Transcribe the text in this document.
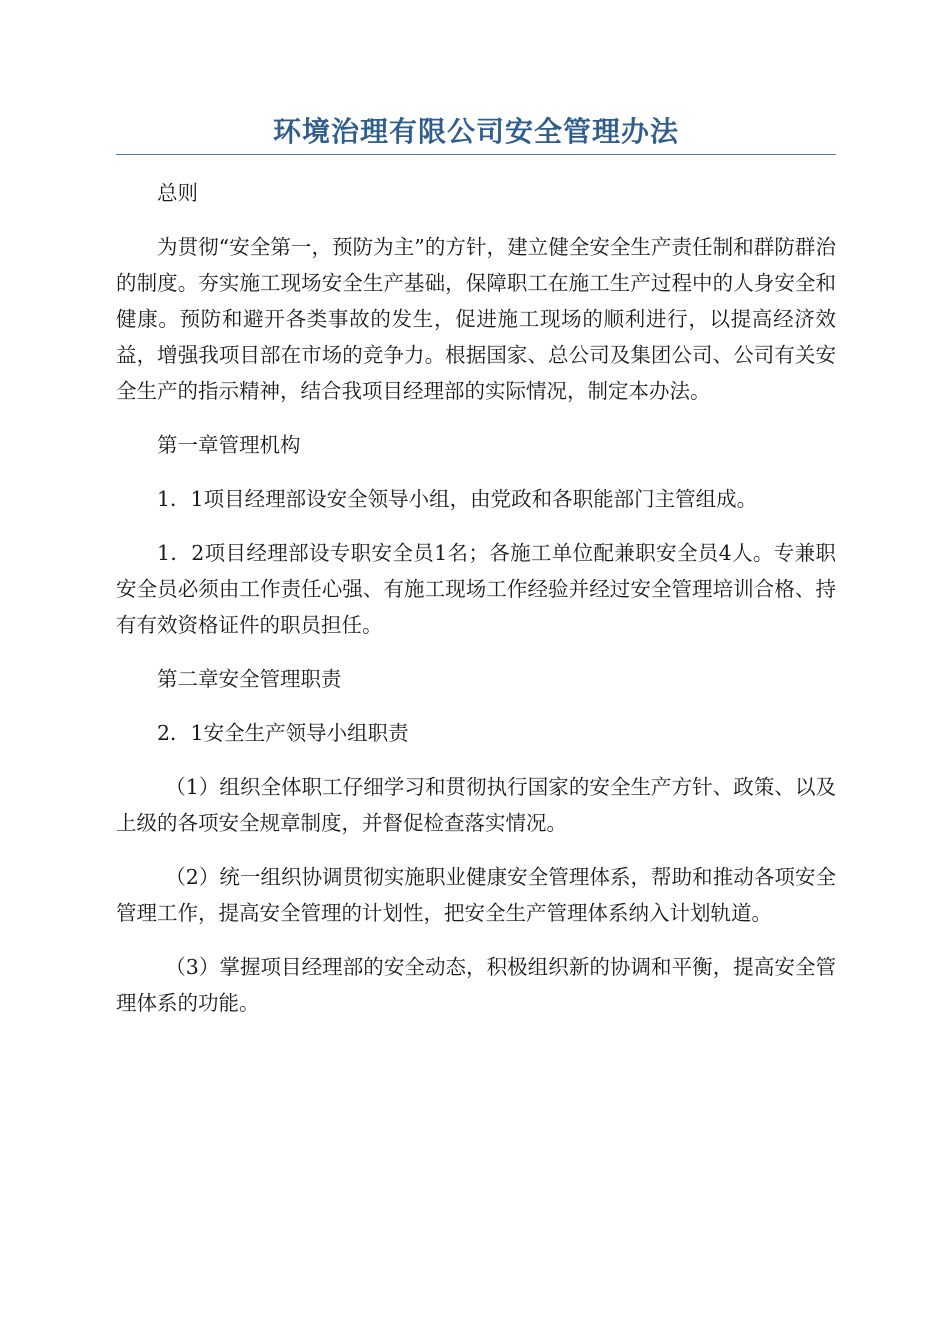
环境治理有限公司安全管理办法

总则

为贯彻“安全第一，预防为主”的方针，建立健全安全生产责任制和群防群治的制度。夯实施工现场安全生产基础，保障职工在施工生产过程中的人身安全和健康。预防和避开各类事故的发生，促进施工现场的顺利进行，以提高经济效益，增强我项目部在市场的竞争力。根据国家、总公司及集团公司、公司有关安全生产的指示精神，结合我项目经理部的实际情况，制定本办法。

第一章管理机构

1．1项目经理部设安全领导小组，由党政和各职能部门主管组成。

1．2项目经理部设专职安全员1名；各施工单位配兼职安全员4人。专兼职安全员必须由工作责任心强、有施工现场工作经验并经过安全管理培训合格、持有有效资格证件的职员担任。

第二章安全管理职责

2．1安全生产领导小组职责

（1）组织全体职工仔细学习和贯彻执行国家的安全生产方针、政策、以及上级的各项安全规章制度，并督促检查落实情况。

（2）统一组织协调贯彻实施职业健康安全管理体系，帮助和推动各项安全管理工作，提高安全管理的计划性，把安全生产管理体系纳入计划轨道。

（3）掌握项目经理部的安全动态，积极组织新的协调和平衡，提高安全管理体系的功能。
